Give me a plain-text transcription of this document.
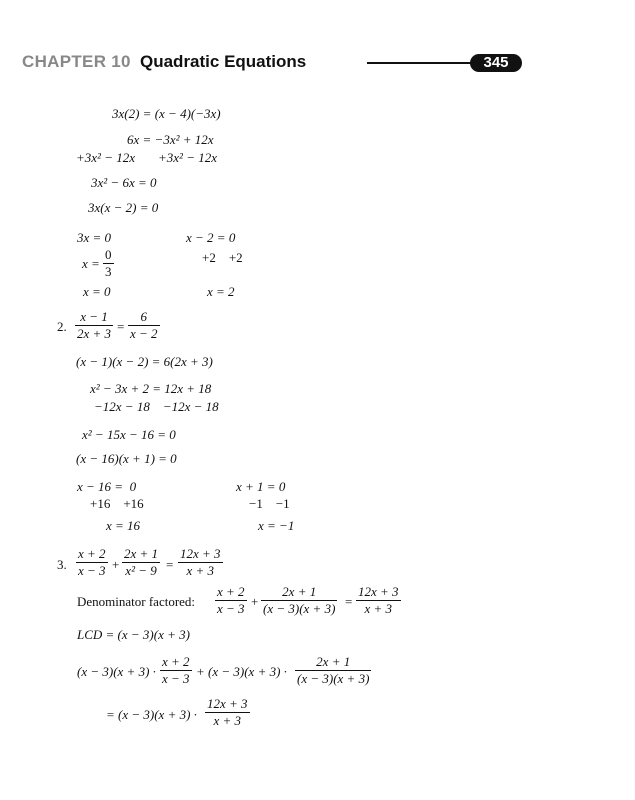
CHAPTER 10 Quadratic Equations	345
3x(2) = (x − 4)(−3x)
6x = −3x² + 12x
+3x² − 12x +3x² − 12x
3x² − 6x = 0
3x(x − 2) = 0
3x = 0	x − 2 = 0
$x = \frac{0}{3}$	+2    +2
x = 0	x = 2
2. $\frac{x - 1}{2x + 3} = \frac{6}{x - 2}$
(x − 1)(x − 2) = 6(2x + 3)
x² − 3x + 2 = 12x + 18
−12x − 18    −12x − 18
x² − 15x − 16 = 0
(x − 16)(x + 1) = 0
x − 16 =  0	x + 1 = 0
+16    +16	−1    −1
x = 16	x = −1
3. $\frac{x + 2}{x - 3} + \frac{2x + 1}{\text{x² − 9}} = \frac{12x + 3}{x + 3}$
Denominator factored: $\frac{x + 2}{x - 3} + \frac{2x + 1}{(x - 3)(x + 3)} = \frac{12x + 3}{x + 3}$
LCD = (x − 3)(x + 3)
$(x - 3)(x + 3) \cdot \frac{x + 2}{x - 3} + (x - 3)(x + 3) \cdot \frac{2x + 1}{(x - 3)(x + 3)}$
= $(x - 3)(x + 3) \cdot \frac{12x + 3}{x + 3}$
